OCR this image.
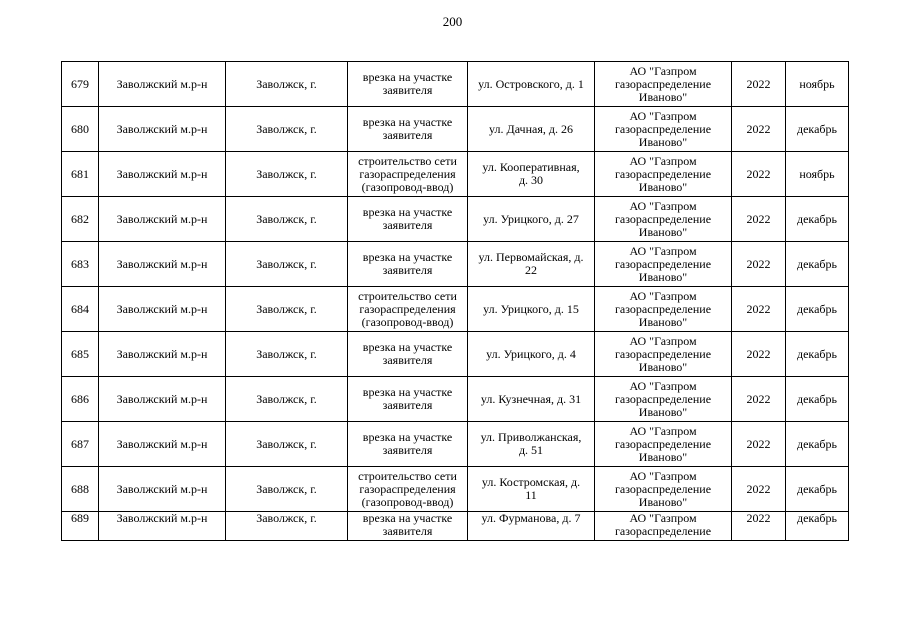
200
679	Заволжский м.р-н	Заволжск, г.	врезка на участке
заявителя	ул. Островского, д. 1	АО "Газпром
газораспределение
Иваново"	2022	ноябрь
680	Заволжский м.р-н	Заволжск, г.	врезка на участке
заявителя	ул. Дачная, д. 26	АО "Газпром
газораспределение
Иваново"	2022	декабрь
681	Заволжский м.р-н	Заволжск, г.	строительство сети
газораспределения
(газопровод-ввод)	ул. Кооперативная,
д. 30	АО "Газпром
газораспределение
Иваново"	2022	ноябрь
682	Заволжский м.р-н	Заволжск, г.	врезка на участке
заявителя	ул. Урицкого, д. 27	АО "Газпром
газораспределение
Иваново"	2022	декабрь
683	Заволжский м.р-н	Заволжск, г.	врезка на участке
заявителя	ул. Первомайская, д.
22	АО "Газпром
газораспределение
Иваново"	2022	декабрь
684	Заволжский м.р-н	Заволжск, г.	строительство сети
газораспределения
(газопровод-ввод)	ул. Урицкого, д. 15	АО "Газпром
газораспределение
Иваново"	2022	декабрь
685	Заволжский м.р-н	Заволжск, г.	врезка на участке
заявителя	ул. Урицкого, д. 4	АО "Газпром
газораспределение
Иваново"	2022	декабрь
686	Заволжский м.р-н	Заволжск, г.	врезка на участке
заявителя	ул. Кузнечная, д. 31	АО "Газпром
газораспределение
Иваново"	2022	декабрь
687	Заволжский м.р-н	Заволжск, г.	врезка на участке
заявителя	ул. Приволжанская,
д. 51	АО "Газпром
газораспределение
Иваново"	2022	декабрь
688	Заволжский м.р-н	Заволжск, г.	строительство сети
газораспределения
(газопровод-ввод)	ул. Костромская, д.
11	АО "Газпром
газораспределение
Иваново"	2022	декабрь
689	Заволжский м.р-н	Заволжск, г.	врезка на участке
заявителя	ул. Фурманова, д. 7	АО "Газпром
газораспределение	2022	декабрь
